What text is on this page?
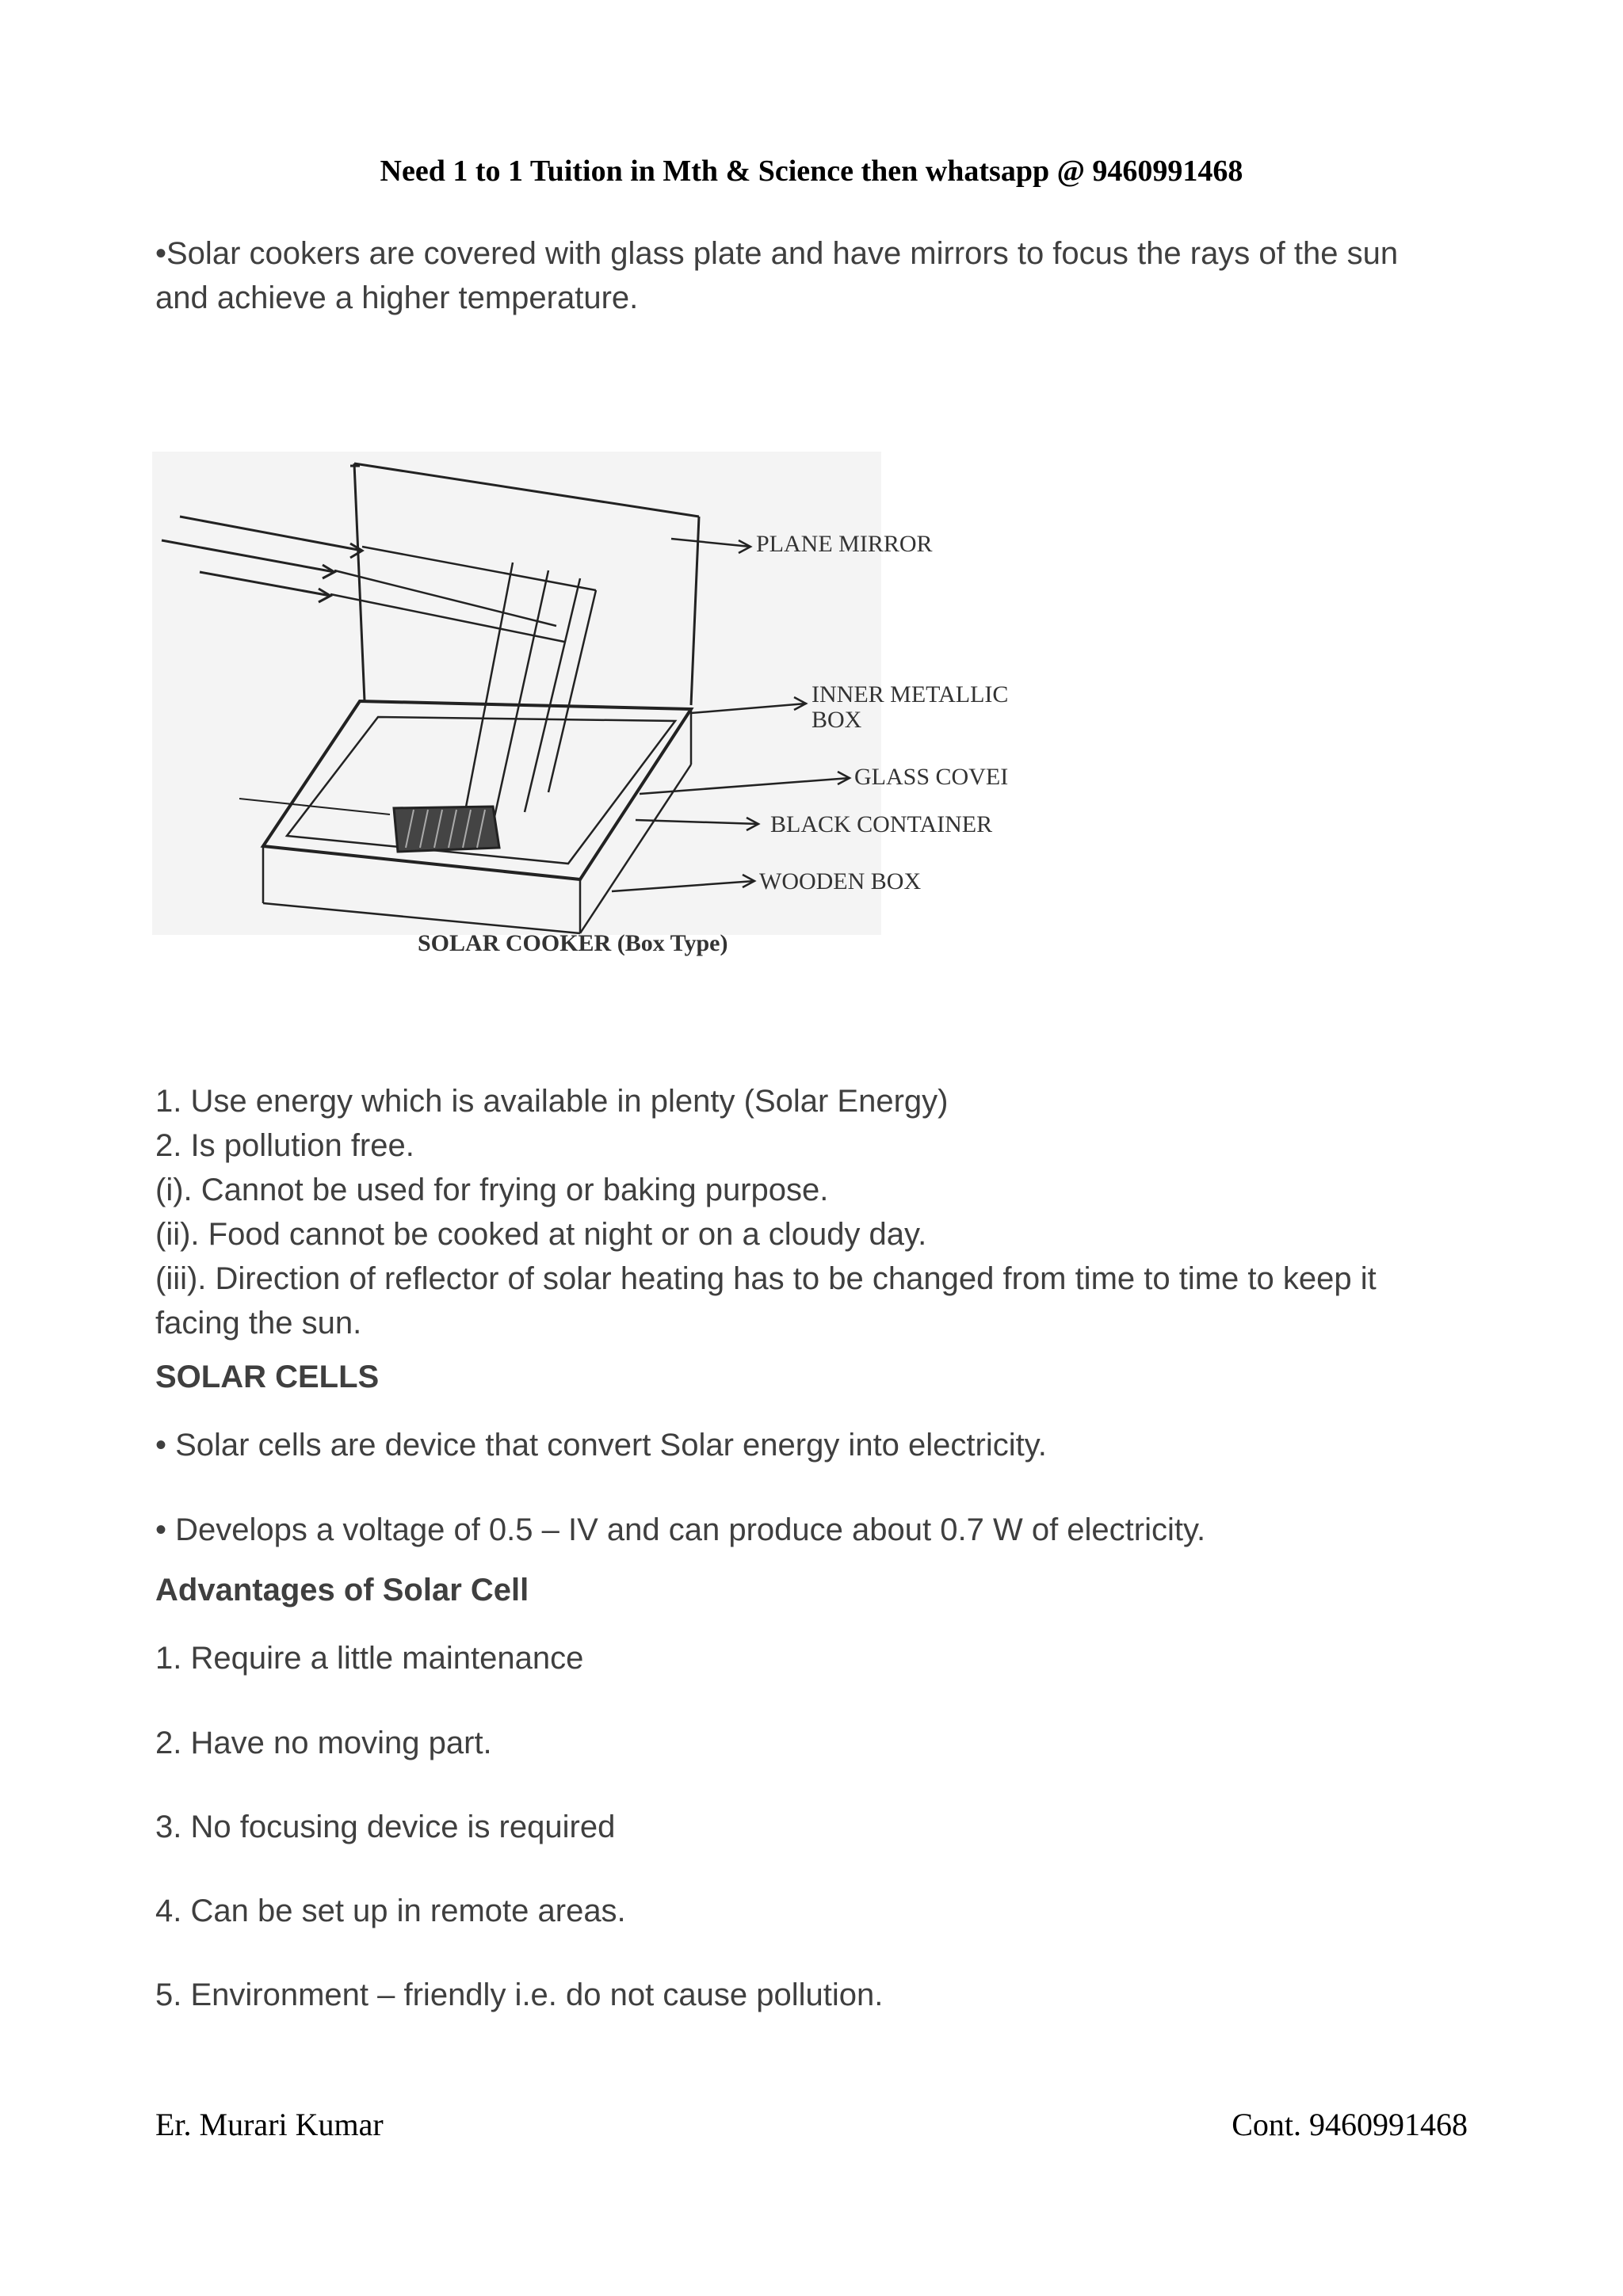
Need 1 to 1 Tuition in Mth & Science then whatsapp @ 9460991468

•Solar cookers are covered with glass plate and have mirrors to focus the rays of the sun

and achieve a higher temperature.

PLANE MIRROR
INNER METALLIC
BOX
GLASS COVEI
BLACK CONTAINER
WOODEN BOX
SOLAR COOKER (Box Type)
1. Use energy which is available in plenty (Solar Energy)
2. Is pollution free.
(i). Cannot be used for frying or baking purpose.
(ii). Food cannot be cooked at night or on a cloudy day.
(iii). Direction of reflector of solar heating has to be changed from time to time to keep it
facing the sun.
SOLAR CELLS
• Solar cells are device that convert Solar energy into electricity.
• Develops a voltage of 0.5 – IV and can produce about 0.7 W of electricity.
Advantages of Solar Cell
1. Require a little maintenance
2. Have no moving part.
3. No focusing device is required
4. Can be set up in remote areas.
5. Environment – friendly i.e. do not cause pollution.
Er. Murari Kumar	Cont. 9460991468
